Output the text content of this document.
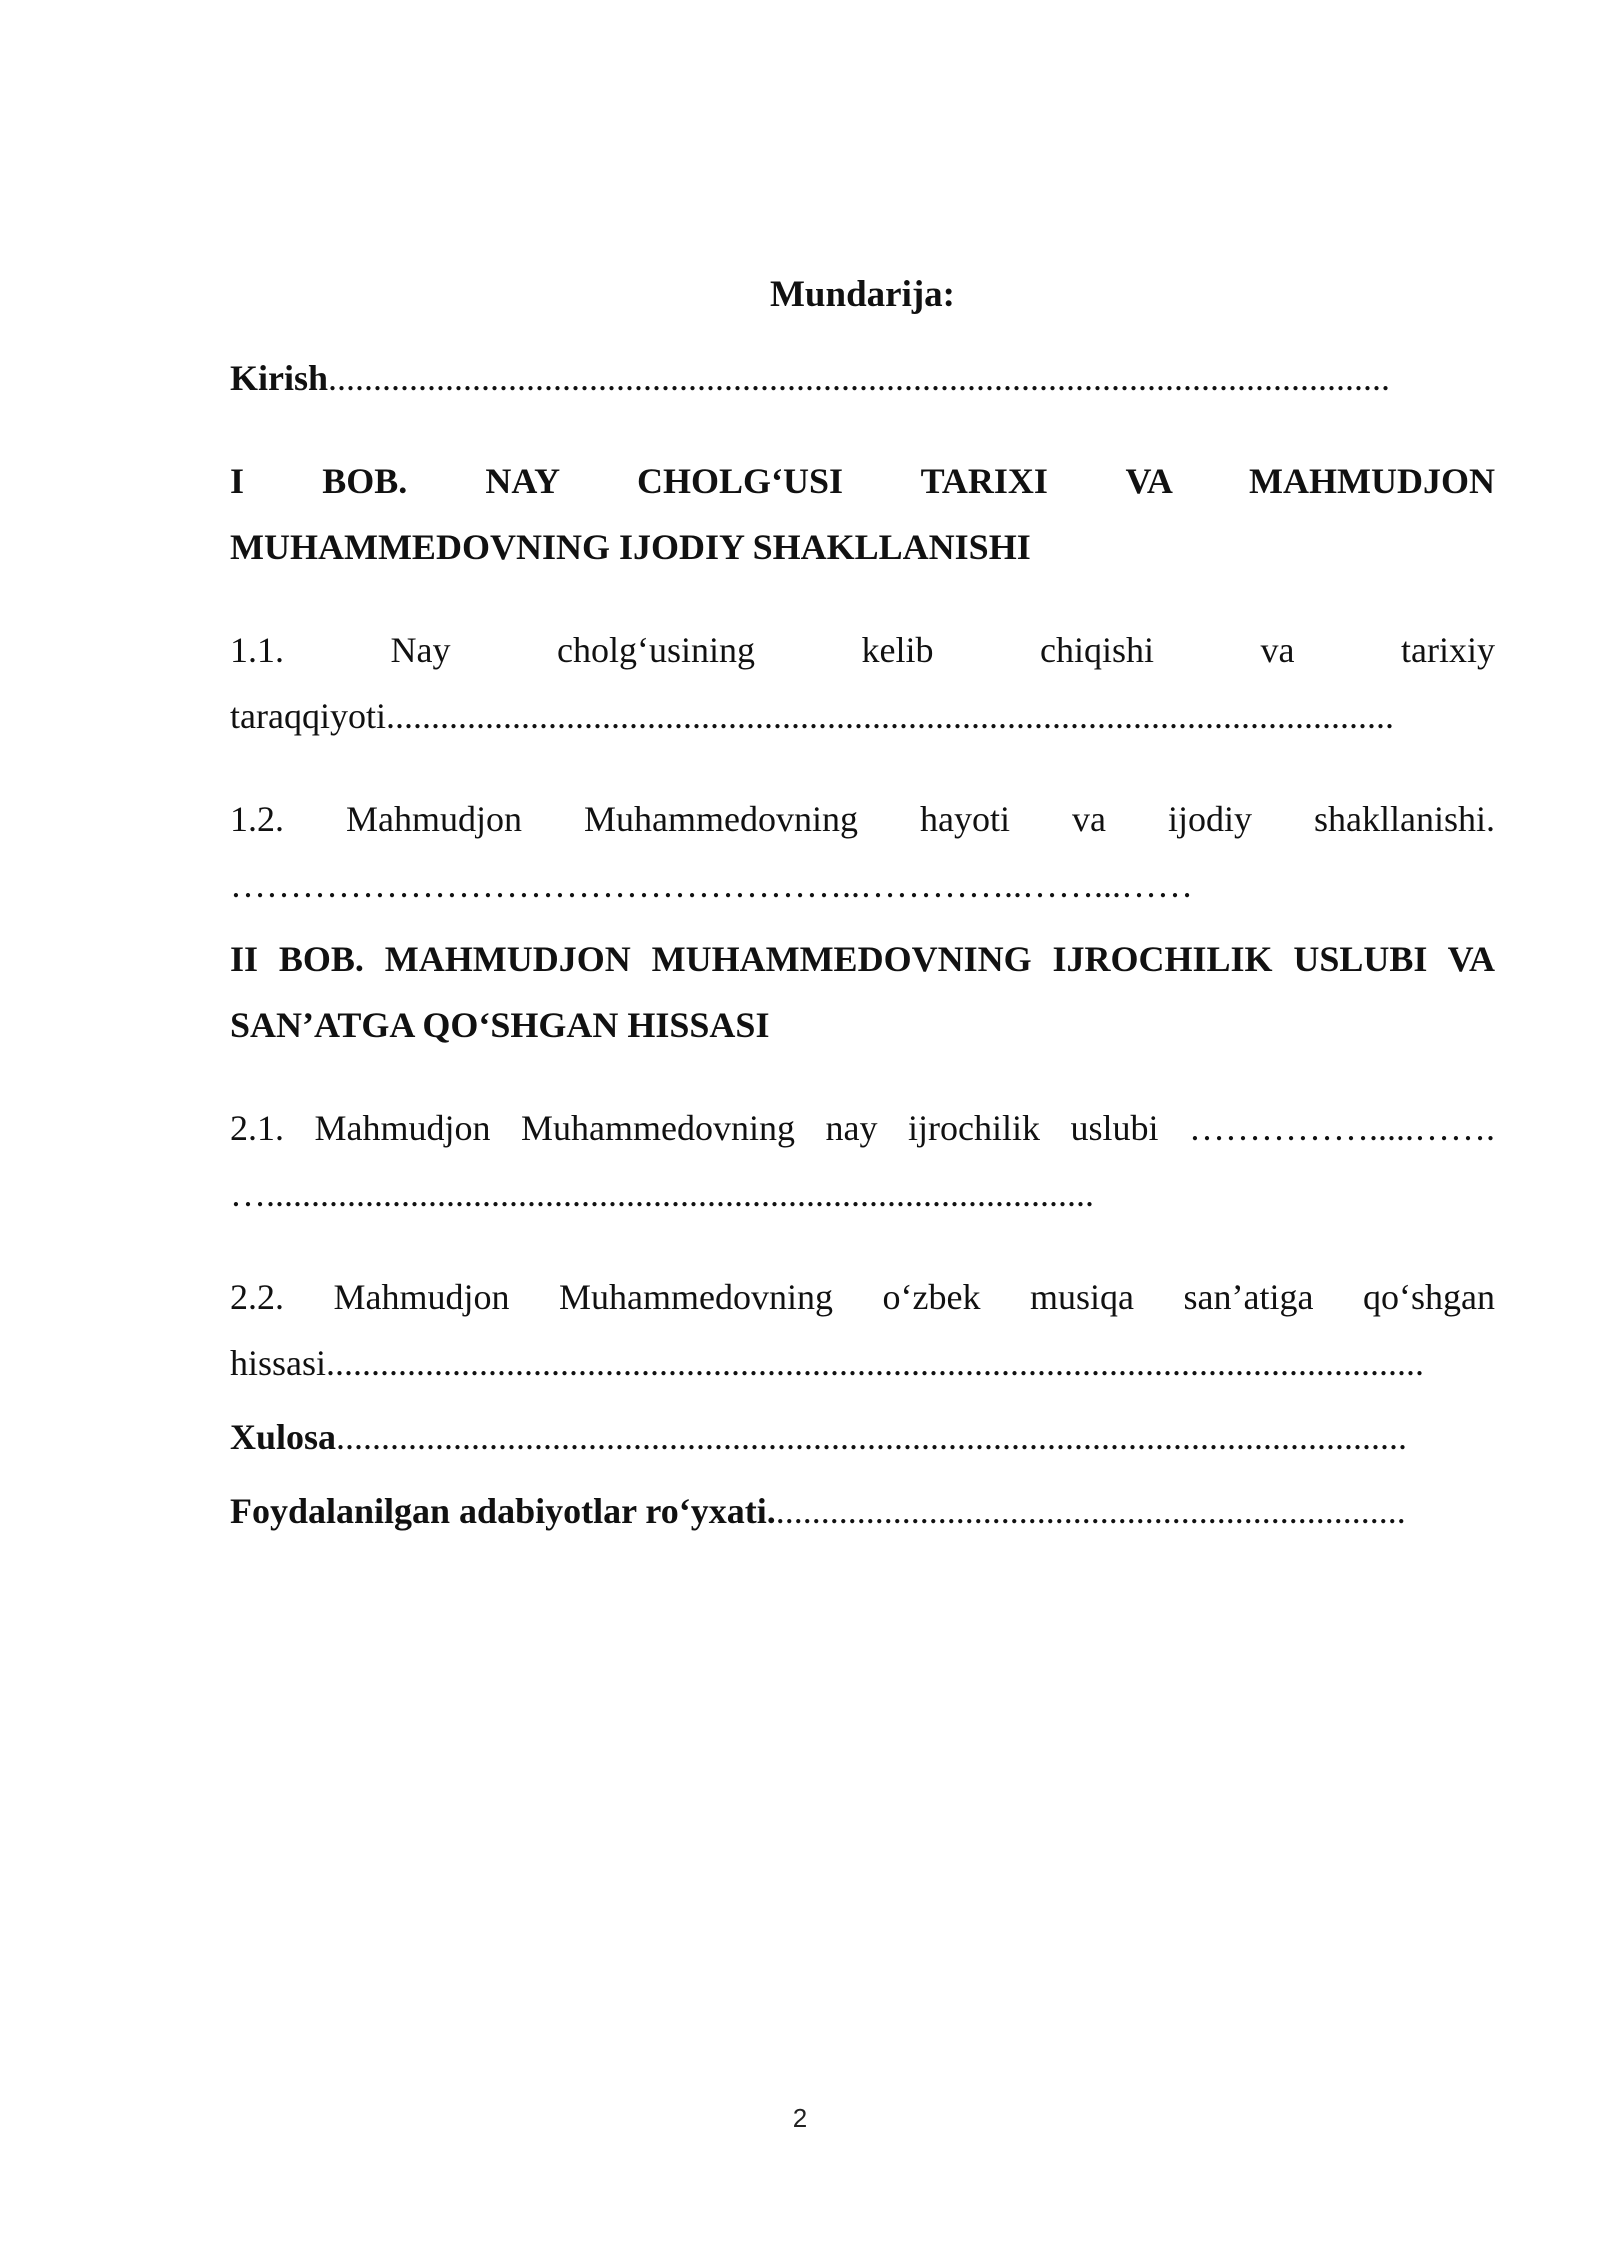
Mundarija:
Kirish......................................................................................................................
I BOB. NAY CHOLG‘USI TARIXI VA MAHMUDJON
MUHAMMEDOVNING IJODIY SHAKLLANISHI
1.1. Nay cholg‘usining kelib chiqishi va tarixiy
taraqqiyoti................................................................................................................
1.2. Mahmudjon Muhammedovning hayoti va ijodiy shakllanishi.
……………………………………………..…………..……...……
II BOB. MAHMUDJON MUHAMMEDOVNING IJROCHILIK USLUBI VA
SAN’ATGA QO‘SHGAN HISSASI
2.1. Mahmudjon Muhammedovning nay ijrochilik uslubi …………….....…….
…............................................................................................
2.2. Mahmudjon Muhammedovning o‘zbek musiqa san’atiga qo‘shgan
hissasi..........................................................................................................................
Xulosa.......................................................................................................................
Foydalanilgan adabiyotlar ro‘yxati.......................................................................
2
